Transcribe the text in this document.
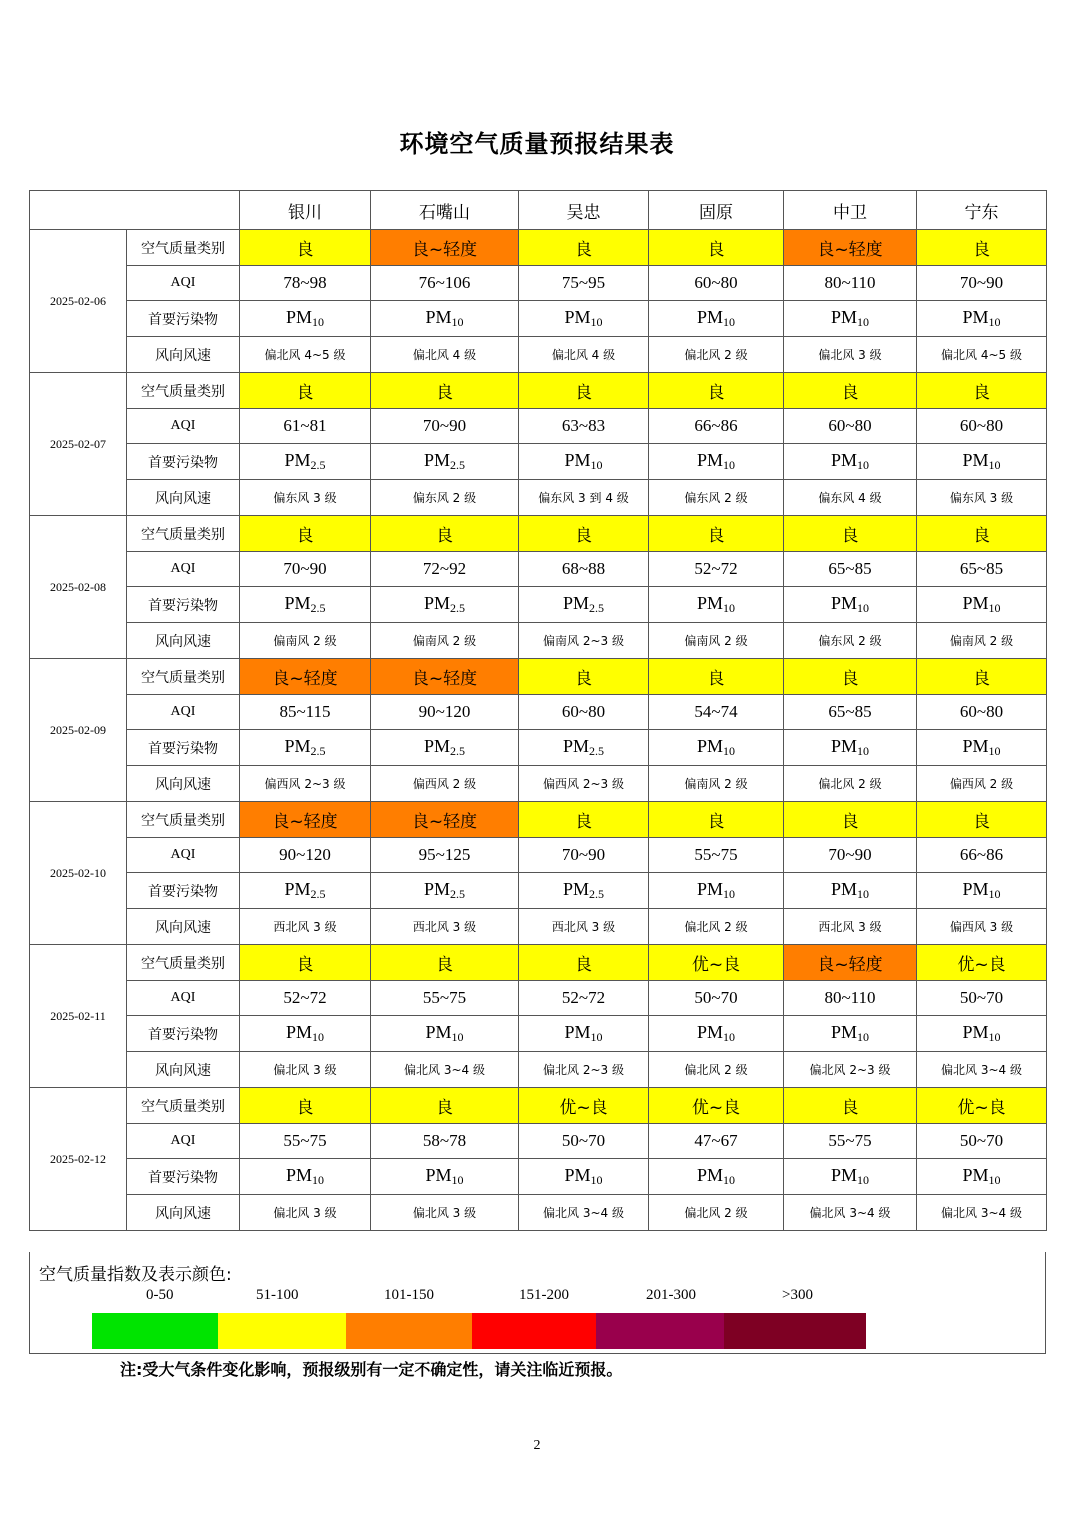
环境空气质量预报结果表
		银川	石嘴山	吴忠	固原	中卫	宁东
2025-02-06	空气质量类别	良	良~轻度	良	良	良~轻度	良
	AQI	78~98	76~106	75~95	60~80	80~110	70~90
	首要污染物	$PM_{10}$	$PM_{10}$	$PM_{10}$	$PM_{10}$	$PM_{10}$	$PM_{10}$
	风向风速	偏北风 4~5 级	偏北风 4 级	偏北风 4 级	偏北风 2 级	偏北风 3 级	偏北风 4~5 级
2025-02-07	空气质量类别	良	良	良	良	良	良
	AQI	61~81	70~90	63~83	66~86	60~80	60~80
	首要污染物	$PM_{2.5}$	$PM_{2.5}$	$PM_{10}$	$PM_{10}$	$PM_{10}$	$PM_{10}$
	风向风速	偏东风 3 级	偏东风 2 级	偏东风 3 到 4 级	偏东风 2 级	偏东风 4 级	偏东风 3 级
2025-02-08	空气质量类别	良	良	良	良	良	良
	AQI	70~90	72~92	68~88	52~72	65~85	65~85
	首要污染物	$PM_{2.5}$	$PM_{2.5}$	$PM_{2.5}$	$PM_{10}$	$PM_{10}$	$PM_{10}$
	风向风速	偏南风 2 级	偏南风 2 级	偏南风 2~3 级	偏南风 2 级	偏东风 2 级	偏南风 2 级
2025-02-09	空气质量类别	良~轻度	良~轻度	良	良	良	良
	AQI	85~115	90~120	60~80	54~74	65~85	60~80
	首要污染物	$PM_{2.5}$	$PM_{2.5}$	$PM_{2.5}$	$PM_{10}$	$PM_{10}$	$PM_{10}$
	风向风速	偏西风 2~3 级	偏西风 2 级	偏西风 2~3 级	偏南风 2 级	偏北风 2 级	偏西风 2 级
2025-02-10	空气质量类别	良~轻度	良~轻度	良	良	良	良
	AQI	90~120	95~125	70~90	55~75	70~90	66~86
	首要污染物	$PM_{2.5}$	$PM_{2.5}$	$PM_{2.5}$	$PM_{10}$	$PM_{10}$	$PM_{10}$
	风向风速	西北风 3 级	西北风 3 级	西北风 3 级	偏北风 2 级	西北风 3 级	偏西风 3 级
2025-02-11	空气质量类别	良	良	良	优~良	良~轻度	优~良
	AQI	52~72	55~75	52~72	50~70	80~110	50~70
	首要污染物	$PM_{10}$	$PM_{10}$	$PM_{10}$	$PM_{10}$	$PM_{10}$	$PM_{10}$
	风向风速	偏北风 3 级	偏北风 3~4 级	偏北风 2~3 级	偏北风 2 级	偏北风 2~3 级	偏北风 3~4 级
2025-02-12	空气质量类别	良	良	优~良	优~良	良	优~良
	AQI	55~75	58~78	50~70	47~67	55~75	50~70
	首要污染物	$PM_{10}$	$PM_{10}$	$PM_{10}$	$PM_{10}$	$PM_{10}$	$PM_{10}$
	风向风速	偏北风 3 级	偏北风 3 级	偏北风 3~4 级	偏北风 2 级	偏北风 3~4 级	偏北风 3~4 级
空气质量指数及表示颜色:
0-50	51-100	101-150	151-200	201-300	>300
注:受大气条件变化影响，预报级别有一定不确定性，请关注临近预报。
2
